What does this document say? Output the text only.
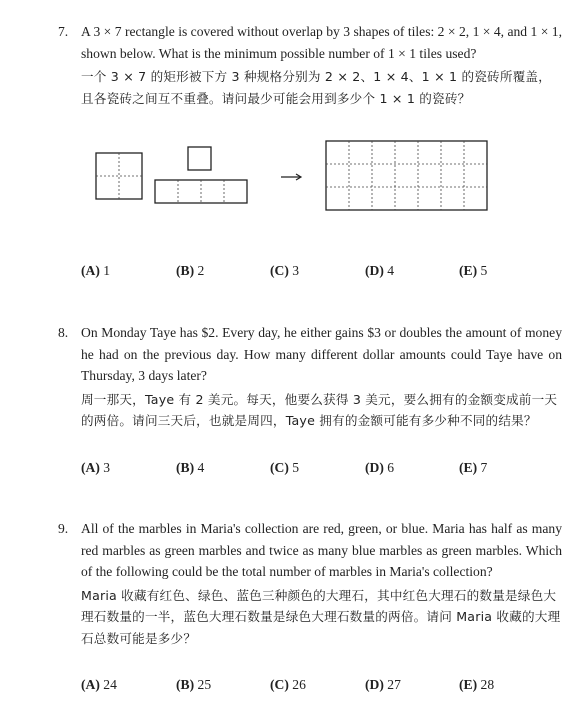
7. A 3 × 7 rectangle is covered without overlap by 3 shapes of tiles: 2 × 2, 1 × 4, and 1 × 1, shown below. What is the minimum possible number of 1 × 1 tiles used?
一个 3 × 7 的矩形被下方 3 种规格分别为 2 × 2、1 × 4、1 × 1 的瓷砖所覆盖，且各瓷砖之间互不重叠。请问最少可能会用到多少个 1 × 1 的瓷砖？
(A) 1	(B) 2	(C) 3	(D) 4	(E) 5
8. On Monday Taye has $2. Every day, he either gains $3 or doubles the amount of money he had on the previous day. How many different dollar amounts could Taye have on Thursday, 3 days later?
周一那天，Taye 有 2 美元。每天，他要么获得 3 美元，要么拥有的金额变成前一天的两倍。请问三天后，也就是周四，Taye 拥有的金额可能有多少种不同的结果？
(A) 3	(B) 4	(C) 5	(D) 6	(E) 7
9. All of the marbles in Maria's collection are red, green, or blue. Maria has half as many red marbles as green marbles and twice as many blue marbles as green marbles. Which of the following could be the total number of marbles in Maria's collection?
Maria 收藏有红色、绿色、蓝色三种颜色的大理石，其中红色大理石的数量是绿色大理石数量的一半，蓝色大理石数量是绿色大理石数量的两倍。请问 Maria 收藏的大理石总数可能是多少？
(A) 24	(B) 25	(C) 26	(D) 27	(E) 28
